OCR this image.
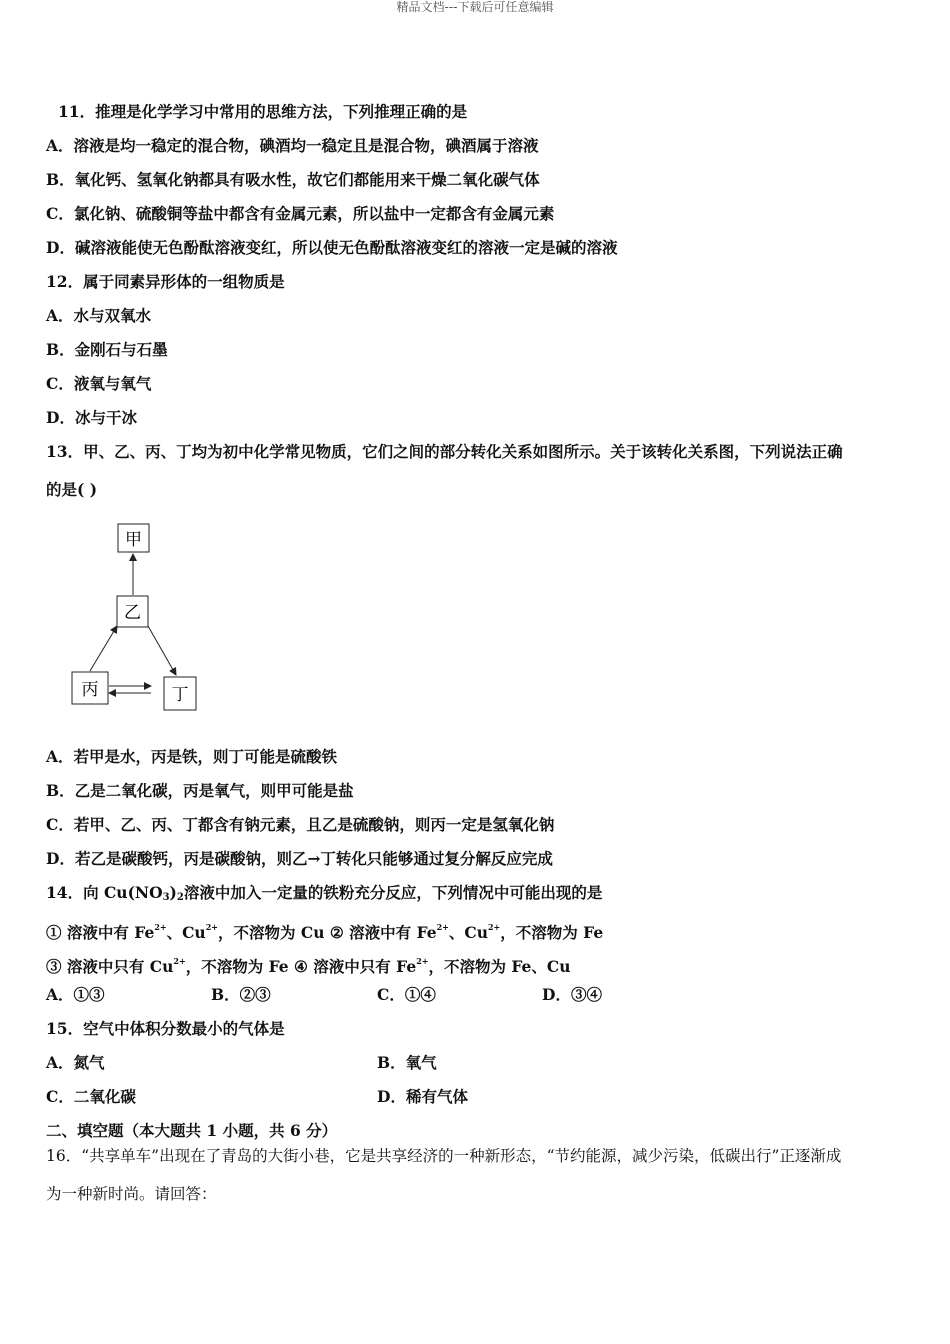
精品文档---下载后可任意编辑
11．推理是化学学习中常用的思维方法，下列推理正确的是
A．溶液是均一稳定的混合物，碘酒均一稳定且是混合物，碘酒属于溶液
B．氧化钙、氢氧化钠都具有吸水性，故它们都能用来干燥二氧化碳气体
C．氯化钠、硫酸铜等盐中都含有金属元素，所以盐中一定都含有金属元素
D．碱溶液能使无色酚酞溶液变红，所以使无色酚酞溶液变红的溶液一定是碱的溶液
12．属于同素异形体的一组物质是
A．水与双氧水
B．金刚石与石墨
C．液氧与氧气
D．冰与干冰
13．甲、乙、丙、丁均为初中化学常见物质，它们之间的部分转化关系如图所示。关于该转化关系图，下列说法正确
的是( )
甲
乙
丙	丁
A．若甲是水，丙是铁，则丁可能是硫酸铁
B．乙是二氧化碳，丙是氧气，则甲可能是盐
C．若甲、乙、丙、丁都含有钠元素，且乙是硫酸钠，则丙一定是氢氧化钠
D．若乙是碳酸钙，丙是碳酸钠，则乙→丁转化只能够通过复分解反应完成
14．向 $Cu(NO_3)_2$溶液中加入一定量的铁粉充分反应，下列情况中可能出现的是
① 溶液中有 $Fe^{2+}$、$Cu^{2+}$，不溶物为 Cu ② 溶液中有 $Fe^{2+}$、$Cu^{2+}$，不溶物为 Fe
③ 溶液中只有 $Cu^{2+}$，不溶物为 Fe ④ 溶液中只有 $Fe^{2+}$，不溶物为 Fe、Cu
A．①③	B．②③	C．①④	D．③④
15．空气中体积分数最小的气体是
A．氮气	B．氧气
C．二氧化碳	D．稀有气体
二、填空题（本大题共 1 小题，共 6 分）
16．“共享单车”出现在了青岛的大街小巷，它是共享经济的一种新形态，“节约能源，减少污染，低碳出行”正逐渐成
为一种新时尚。请回答：
